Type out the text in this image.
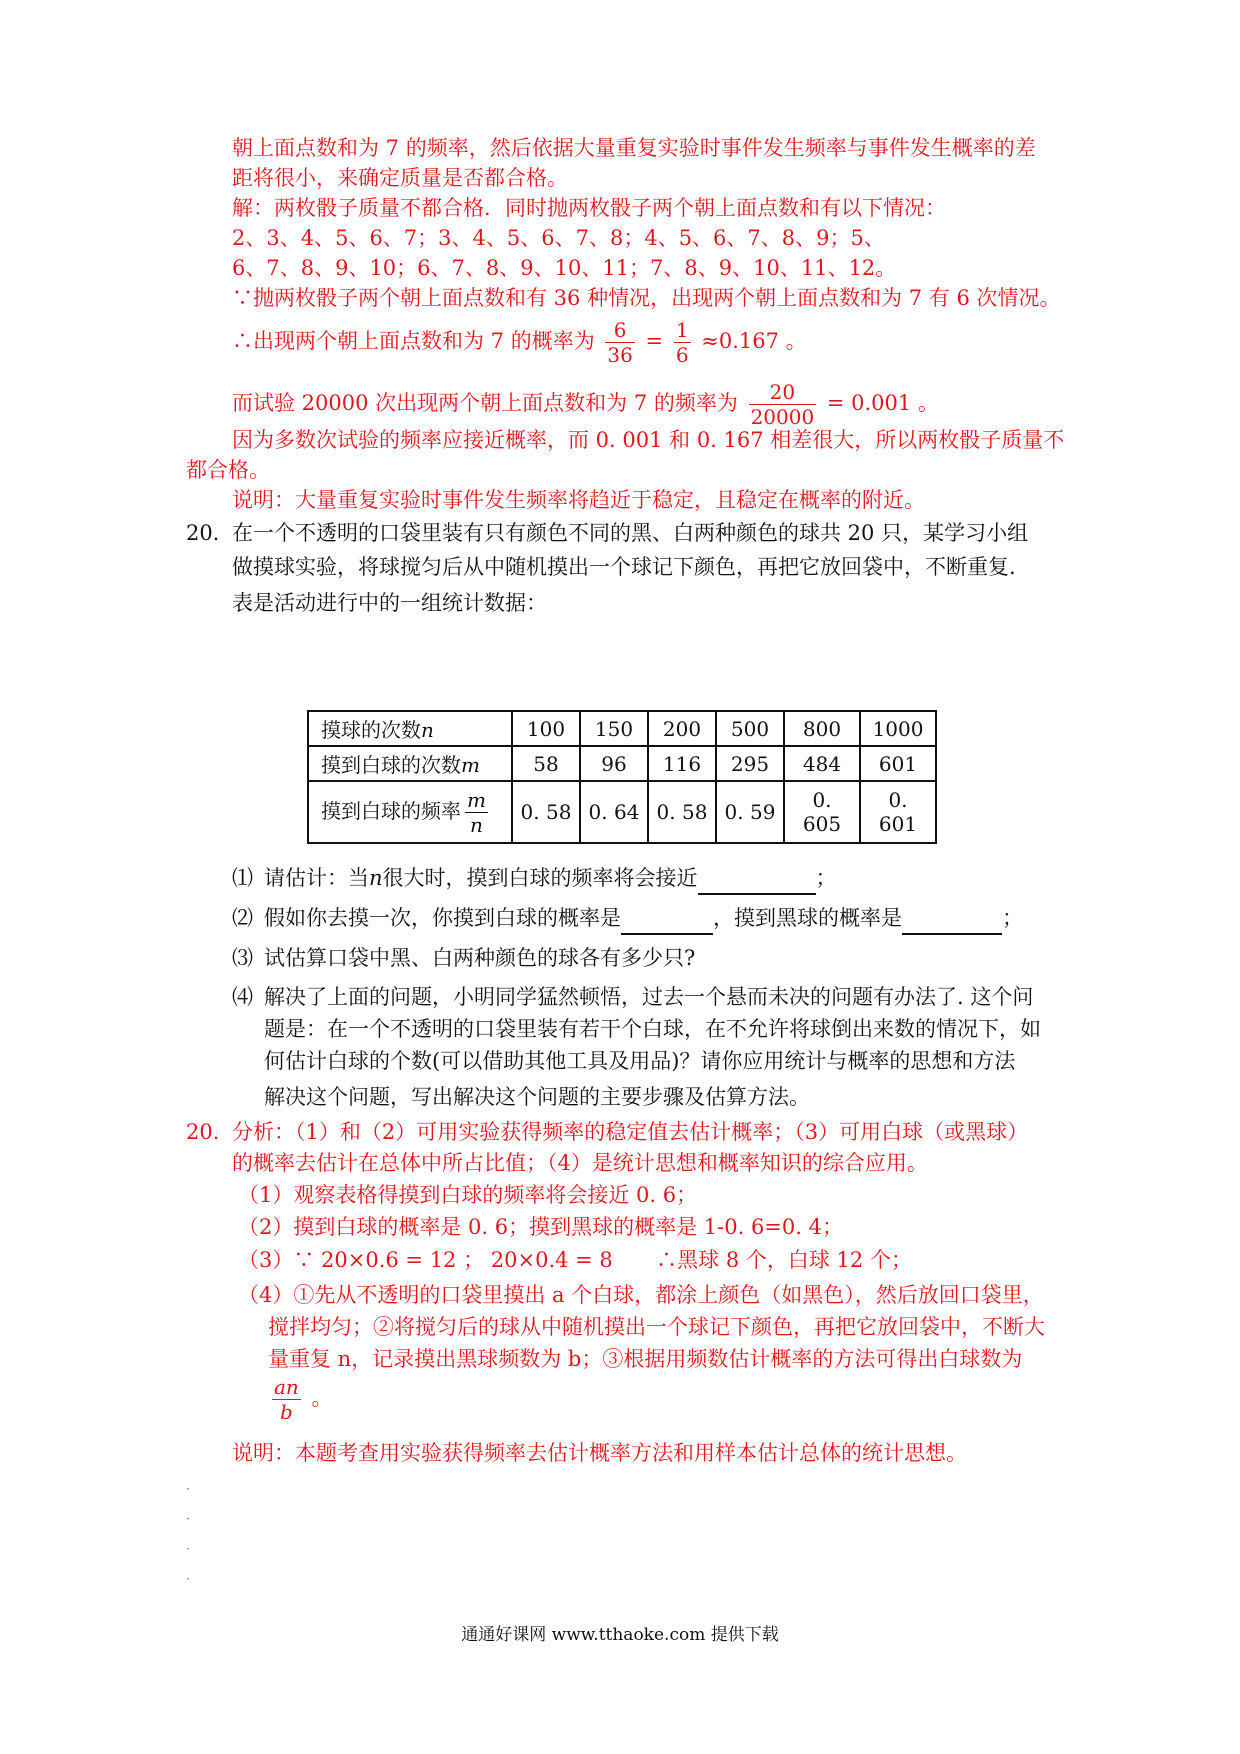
朝上面点数和为 7 的频率，然后依据大量重复实验时事件发生频率与事件发生概率的差
距将很小，来确定质量是否都合格。
解：两枚骰子质量不都合格．同时抛两枚骰子两个朝上面点数和有以下情况：
2、3、4、5、6、7；3、4、5、6、7、8；4、5、6、7、8、9；5、
6、7、8、9、10；6、7、8、9、10、11；7、8、9、10、11、12。
∵抛两枚骰子两个朝上面点数和有 36 种情况，出现两个朝上面点数和为 7 有 6 次情况。
∴出现两个朝上面点数和为 7 的概率为 $\frac{6}{36} = \frac{1}{6} \approx 0.167$ 。
而试验 20000 次出现两个朝上面点数和为 7 的频率为 $\frac{20}{20000} = 0.001$ 。
因为多数次试验的频率应接近概率，而 0. 001 和 0. 167 相差很大，所以两枚骰子质量不
都合格。
说明：大量重复实验时事件发生频率将趋近于稳定，且稳定在概率的附近。
20．
在一个不透明的口袋里装有只有颜色不同的黑、白两种颜色的球共 20 只，某学习小组
做摸球实验，将球搅匀后从中随机摸出一个球记下颜色，再把它放回袋中，不断重复.
表是活动进行中的一组统计数据：
摸球的次数n	100	150	200	500	800	1000
摸到白球的次数m	58	96	116	295	484	601
摸到白球的频率 $\frac{m}{n}$	0. 58	0. 64	0. 58	0. 59	0. 605	0. 601
⑴ 请估计：当n很大时，摸到白球的频率将会接近	；
⑵ 假如你去摸一次，你摸到白球的概率是	，摸到黑球的概率是	；
⑶ 试估算口袋中黑、白两种颜色的球各有多少只?
⑷ 解决了上面的问题，小明同学猛然顿悟，过去一个悬而未决的问题有办法了. 这个问
题是：在一个不透明的口袋里装有若干个白球，在不允许将球倒出来数的情况下，如
何估计白球的个数(可以借助其他工具及用品)？请你应用统计与概率的思想和方法
解决这个问题，写出解决这个问题的主要步骤及估算方法。
20．
分析：（1）和（2）可用实验获得频率的稳定值去估计概率；（3）可用白球（或黑球）
的概率去估计在总体中所占比值；（4）是统计思想和概率知识的综合应用。
（1）观察表格得摸到白球的频率将会接近 0. 6；
（2）摸到白球的概率是 0. 6；摸到黑球的概率是 1-0. 6=0. 4；
（3）∵ 20×0.6 = 12 ； 20×0.4 = 8 ∴黑球 8 个，白球 12 个；
（4）①先从不透明的口袋里摸出 a 个白球，都涂上颜色（如黑色），然后放回口袋里，
搅拌均匀；②将搅匀后的球从中随机摸出一个球记下颜色，再把它放回袋中，不断大
量重复 n，记录摸出黑球频数为 b；③根据用频数估计概率的方法可得出白球数为
$\frac{an}{b}$ 。
说明：本题考查用实验获得频率去估计概率方法和用样本估计总体的统计思想。
·
·
·
·
通通好课网 www.tthaoke.com 提供下载
